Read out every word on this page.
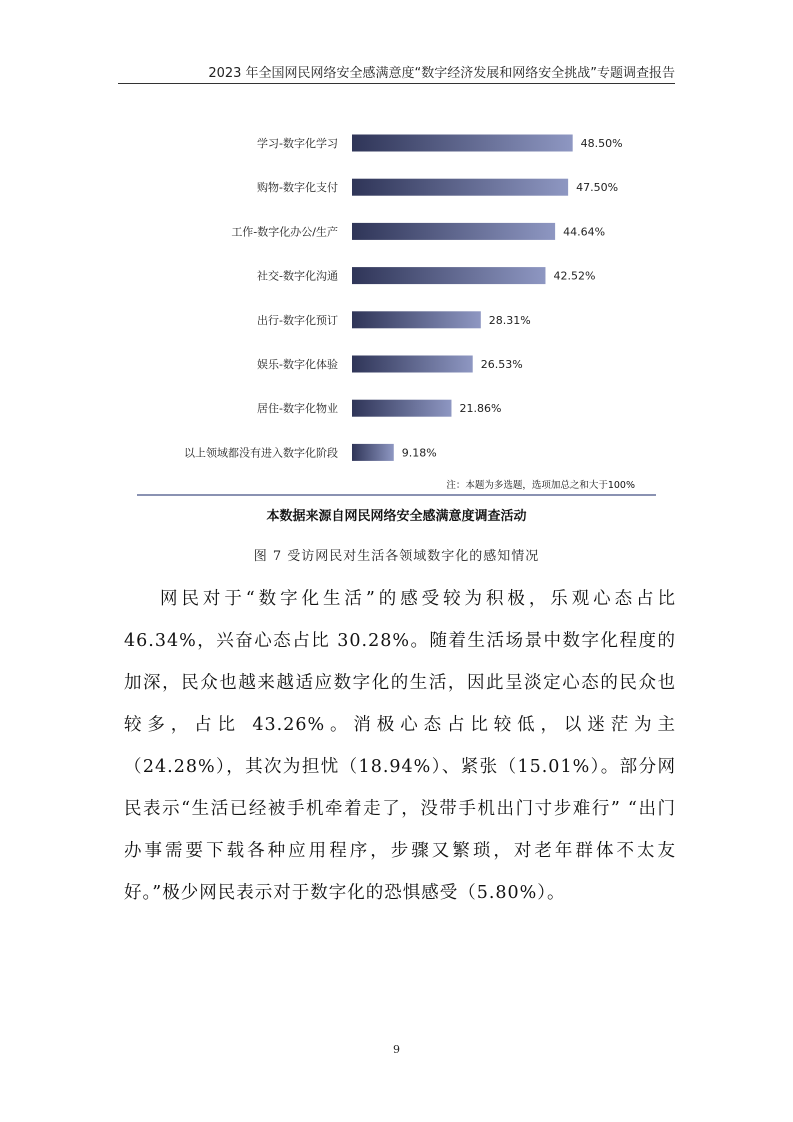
2023 年全国网民网络安全感满意度“数字经济发展和网络安全挑战”专题调查报告
学习-数字化学习	48.50%
购物-数字化支付	47.50%
工作-数字化办公/生产	44.64%
社交-数字化沟通	42.52%
出行-数字化预订	28.31%
娱乐-数字化体验	26.53%
居住-数字化物业	21.86%
以上领域都没有进入数字化阶段	9.18%
注：本题为多选题，选项加总之和大于100%
本数据来源自网民网络安全感满意度调查活动
图 7 受访网民对生活各领域数字化的感知情况
网民对于“数字化生活”的感受较为积极，乐观心态占比 46.34%，兴奋心态占比 30.28%。随着生活场景中数字化程度的加深，民众也越来越适应数字化的生活，因此呈淡定心态的民众也较多，占比 43.26%。消极心态占比较低，以迷茫为主（24.28%），其次为担忧（18.94%）、紧张（15.01%）。部分网民表示“生活已经被手机牵着走了，没带手机出门寸步难行” “出门办事需要下载各种应用程序，步骤又繁琐，对老年群体不太友好。”极少网民表示对于数字化的恐惧感受（5.80%）。
9
